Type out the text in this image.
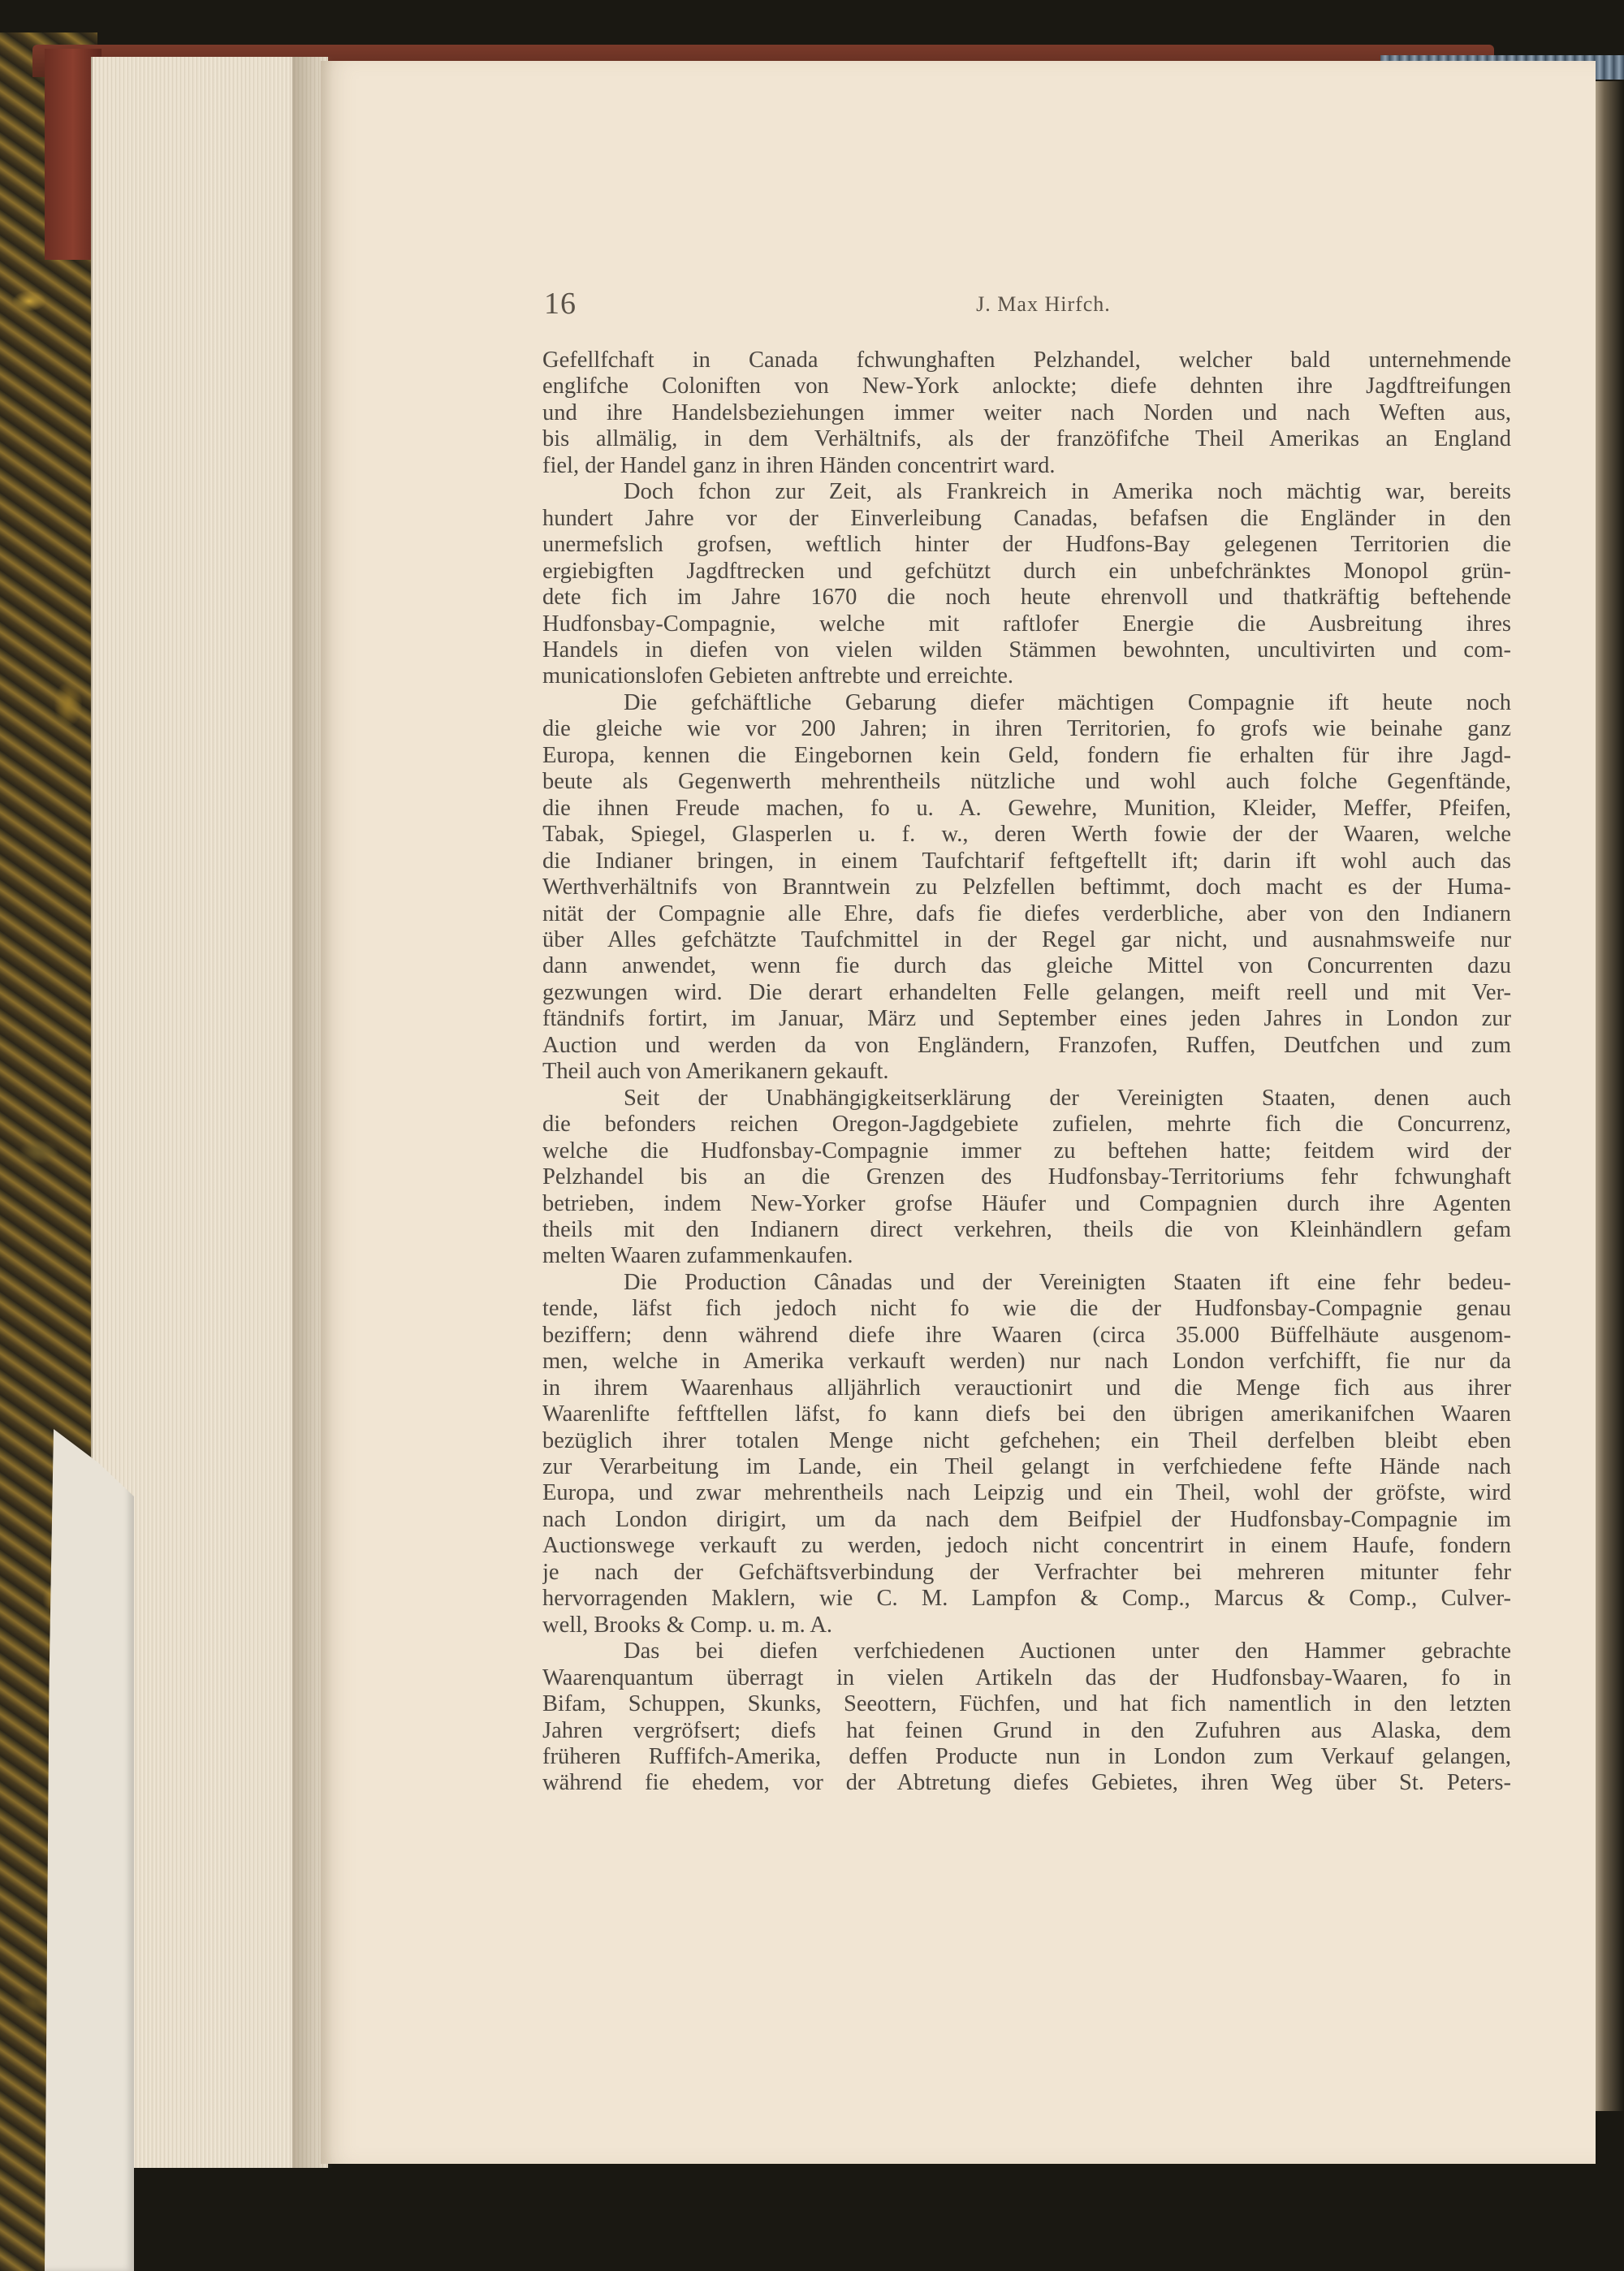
16	J. Max Hirfch.
Gefellfchaft in Canada fchwunghaften Pelzhandel, welcher bald unternehmende
englifche Coloniften von New-York anlockte; diefe dehnten ihre Jagdftreifungen
und ihre Handelsbeziehungen immer weiter nach Norden und nach Weften aus,
bis allmälig, in dem Verhältnifs, als der franzöfifche Theil Amerikas an England
fiel, der Handel ganz in ihren Händen concentrirt ward.
Doch fchon zur Zeit, als Frankreich in Amerika noch mächtig war, bereits
hundert Jahre vor der Einverleibung Canadas, befafsen die Engländer in den
unermefslich grofsen, weftlich hinter der Hudfons-Bay gelegenen Territorien die
ergiebigften Jagdftrecken und gefchützt durch ein unbefchränktes Monopol grün-
dete fich im Jahre 1670 die noch heute ehrenvoll und thatkräftig beftehende
Hudfonsbay-Compagnie, welche mit raftlofer Energie die Ausbreitung ihres
Handels in diefen von vielen wilden Stämmen bewohnten, uncultivirten und com-
municationslofen Gebieten anftrebte und erreichte.
Die gefchäftliche Gebarung diefer mächtigen Compagnie ift heute noch
die gleiche wie vor 200 Jahren; in ihren Territorien, fo grofs wie beinahe ganz
Europa, kennen die Eingebornen kein Geld, fondern fie erhalten für ihre Jagd-
beute als Gegenwerth mehrentheils nützliche und wohl auch folche Gegenftände,
die ihnen Freude machen, fo u. A. Gewehre, Munition, Kleider, Meffer, Pfeifen,
Tabak, Spiegel, Glasperlen u. f. w., deren Werth fowie der der Waaren, welche
die Indianer bringen, in einem Taufchtarif feftgeftellt ift; darin ift wohl auch das
Werthverhältnifs von Branntwein zu Pelzfellen beftimmt, doch macht es der Huma-
nität der Compagnie alle Ehre, dafs fie diefes verderbliche, aber von den Indianern
über Alles gefchätzte Taufchmittel in der Regel gar nicht, und ausnahmsweife nur
dann anwendet, wenn fie durch das gleiche Mittel von Concurrenten dazu
gezwungen wird. Die derart erhandelten Felle gelangen, meift reell und mit Ver-
ftändnifs fortirt, im Januar, März und September eines jeden Jahres in London zur
Auction und werden da von Engländern, Franzofen, Ruffen, Deutfchen und zum
Theil auch von Amerikanern gekauft.
Seit der Unabhängigkeitserklärung der Vereinigten Staaten, denen auch
die befonders reichen Oregon-Jagdgebiete zufielen, mehrte fich die Concurrenz,
welche die Hudfonsbay-Compagnie immer zu beftehen hatte; feitdem wird der
Pelzhandel bis an die Grenzen des Hudfonsbay-Territoriums fehr fchwunghaft
betrieben, indem New-Yorker grofse Häufer und Compagnien durch ihre Agenten
theils mit den Indianern direct verkehren, theils die von Kleinhändlern gefam
melten Waaren zufammenkaufen.
Die Production Cânadas und der Vereinigten Staaten ift eine fehr bedeu-
tende, läfst fich jedoch nicht fo wie die der Hudfonsbay-Compagnie genau
beziffern; denn während diefe ihre Waaren (circa 35.000 Büffelhäute ausgenom-
men, welche in Amerika verkauft werden) nur nach London verfchifft, fie nur da
in ihrem Waarenhaus alljährlich verauctionirt und die Menge fich aus ihrer
Waarenlifte feftftellen läfst, fo kann diefs bei den übrigen amerikanifchen Waaren
bezüglich ihrer totalen Menge nicht gefchehen; ein Theil derfelben bleibt eben
zur Verarbeitung im Lande, ein Theil gelangt in verfchiedene fefte Hände nach
Europa, und zwar mehrentheils nach Leipzig und ein Theil, wohl der gröfste, wird
nach London dirigirt, um da nach dem Beifpiel der Hudfonsbay-Compagnie im
Auctionswege verkauft zu werden, jedoch nicht concentrirt in einem Haufe, fondern
je nach der Gefchäftsverbindung der Verfrachter bei mehreren mitunter fehr
hervorragenden Maklern, wie C. M. Lampfon & Comp., Marcus & Comp., Culver-
well, Brooks & Comp. u. m. A.
Das bei diefen verfchiedenen Auctionen unter den Hammer gebrachte
Waarenquantum überragt in vielen Artikeln das der Hudfonsbay-Waaren, fo in
Bifam, Schuppen, Skunks, Seeottern, Füchfen, und hat fich namentlich in den letzten
Jahren vergröfsert; diefs hat feinen Grund in den Zufuhren aus Alaska, dem
früheren Ruffifch-Amerika, deffen Producte nun in London zum Verkauf gelangen,
während fie ehedem, vor der Abtretung diefes Gebietes, ihren Weg über St. Peters-
